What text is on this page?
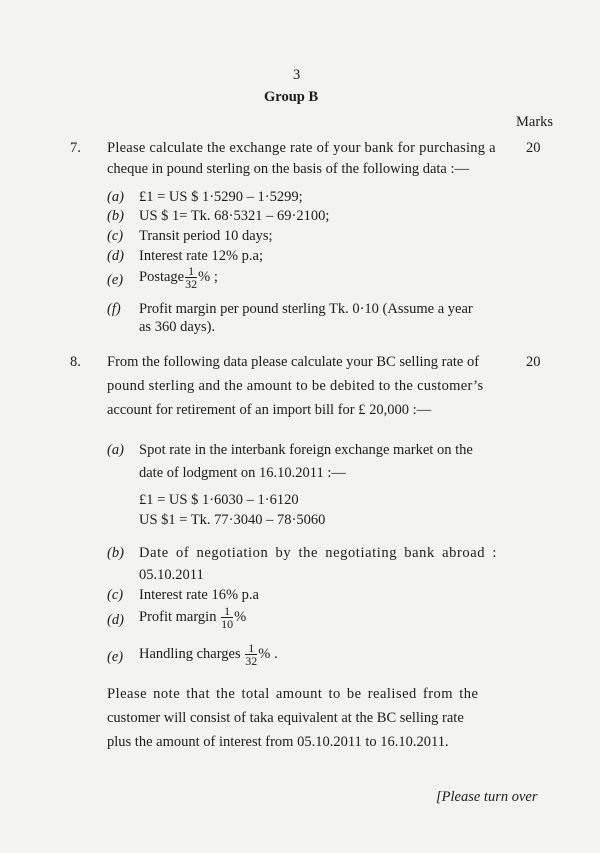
3
Group B
Marks
7.	20
Please calculate the exchange rate of your bank for purchasing a
cheque in pound sterling on the basis of the following data :—
(a) £1 = US $ 1·5290 – 1·5299;
(b) US $ 1= Tk. 68·5321 – 69·2100;
(c) Transit period 10 days;
(d) Interest rate 12% p.a;
(e) Postage $\frac{1}{32}$ % ;
(f) Profit margin per pound sterling Tk. 0·10 (Assume a year
as 360 days).
8.	20
From the following data please calculate your BC selling rate of
pound sterling and the amount to be debited to the customer’s
account for retirement of an import bill for £ 20,000 :—
(a) Spot rate in the interbank foreign exchange market on the
date of lodgment on 16.10.2011 :—
£1 = US $ 1·6030 – 1·6120
US $1 = Tk. 77·3040 – 78·5060
(b) Date of negotiation by the negotiating bank abroad :
05.10.2011
(c) Interest rate 16% p.a
(d) Profit margin $\frac{1}{10}$ %
(e) Handling charges $\frac{1}{32}$ % .
Please note that the total amount to be realised from the
customer will consist of taka equivalent at the BC selling rate
plus the amount of interest from 05.10.2011 to 16.10.2011.
[Please turn over
